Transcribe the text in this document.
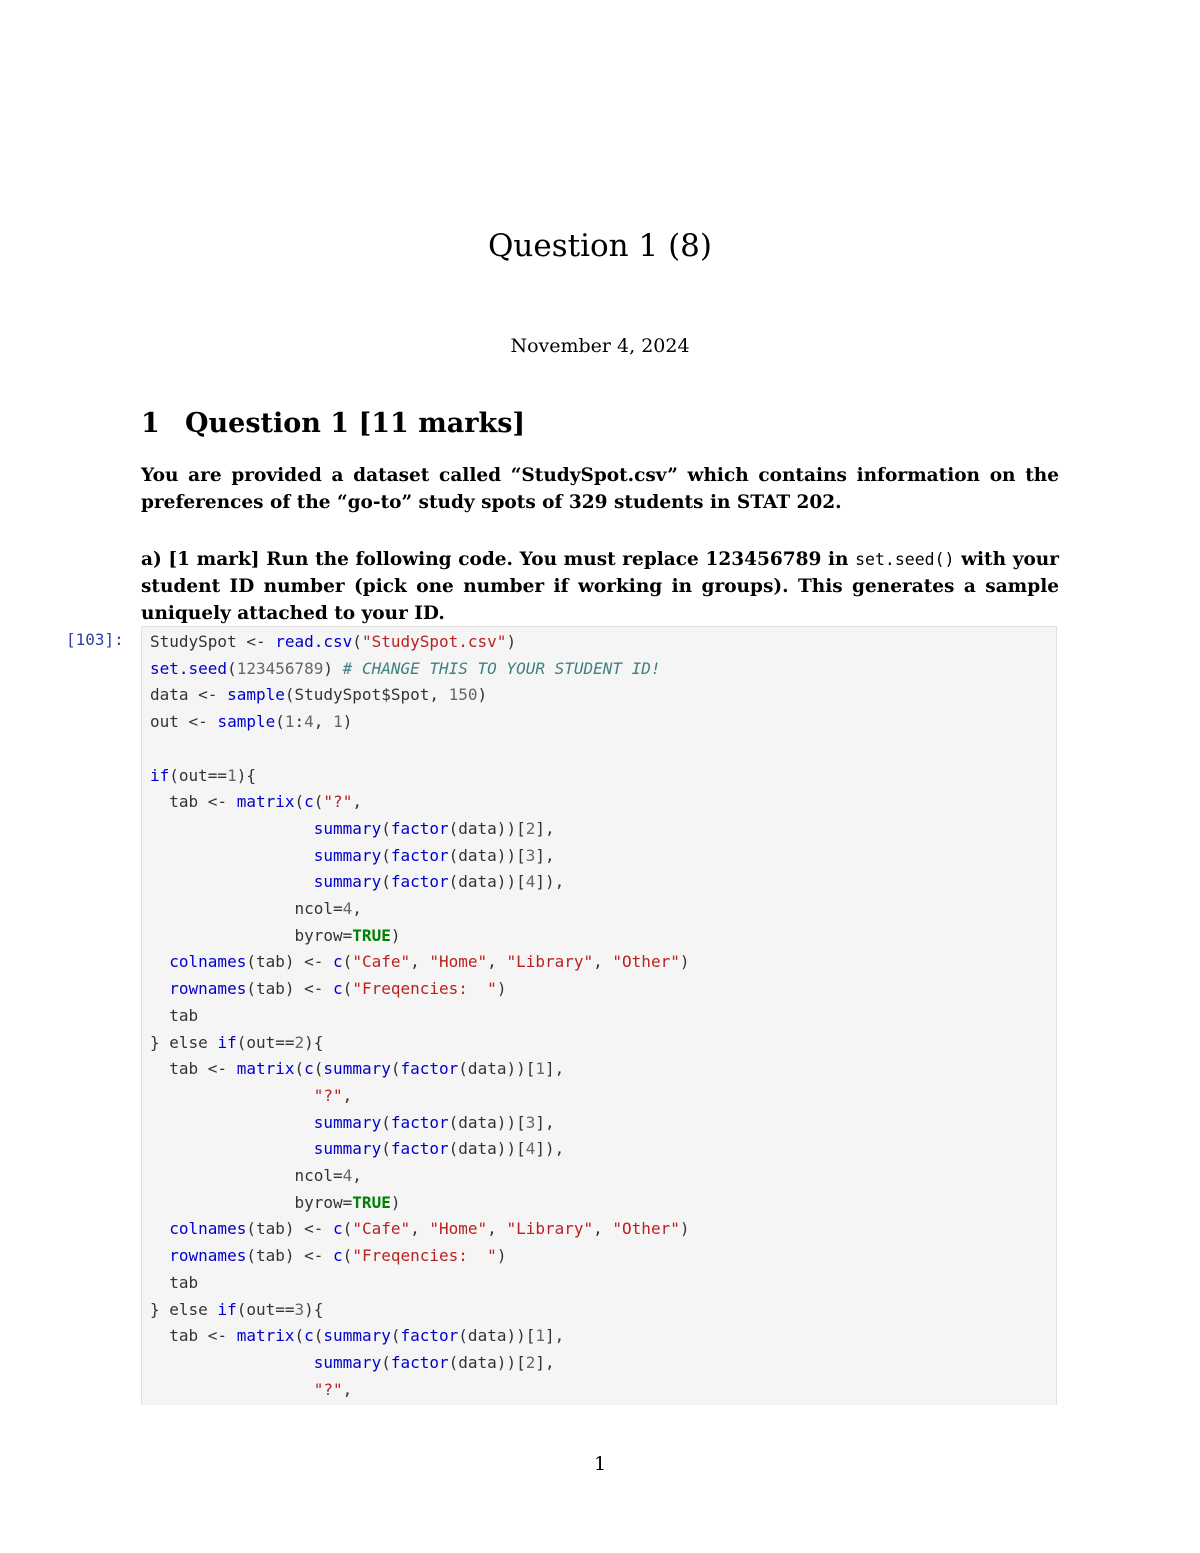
Question 1 (8)
November 4, 2024
1 Question 1 [11 marks]
You are provided a dataset called “StudySpot.csv” which contains information on the preferences of the “go-to” study spots of 329 students in STAT 202.
a) [1 mark] Run the following code. You must replace 123456789 in set.seed() with your student ID number (pick one number if working in groups). This generates a sample uniquely attached to your ID.
[103]:	StudySpot <- read.csv("StudySpot.csv")
set.seed(123456789) # CHANGE THIS TO YOUR STUDENT ID!
data <- sample(StudySpot$Spot, 150)
out <- sample(1:4, 1)

if(out==1){
tab <- matrix(c("?",
summary(factor(data))[2],
summary(factor(data))[3],
summary(factor(data))[4]),
ncol=4,
byrow=TRUE)
colnames(tab) <- c("Cafe", "Home", "Library", "Other")
rownames(tab) <- c("Freqencies:  ")
tab
} else if(out==2){
tab <- matrix(c(summary(factor(data))[1],
"?",
summary(factor(data))[3],
summary(factor(data))[4]),
ncol=4,
byrow=TRUE)
colnames(tab) <- c("Cafe", "Home", "Library", "Other")
rownames(tab) <- c("Freqencies:  ")
tab
} else if(out==3){
tab <- matrix(c(summary(factor(data))[1],
summary(factor(data))[2],
"?",

1
